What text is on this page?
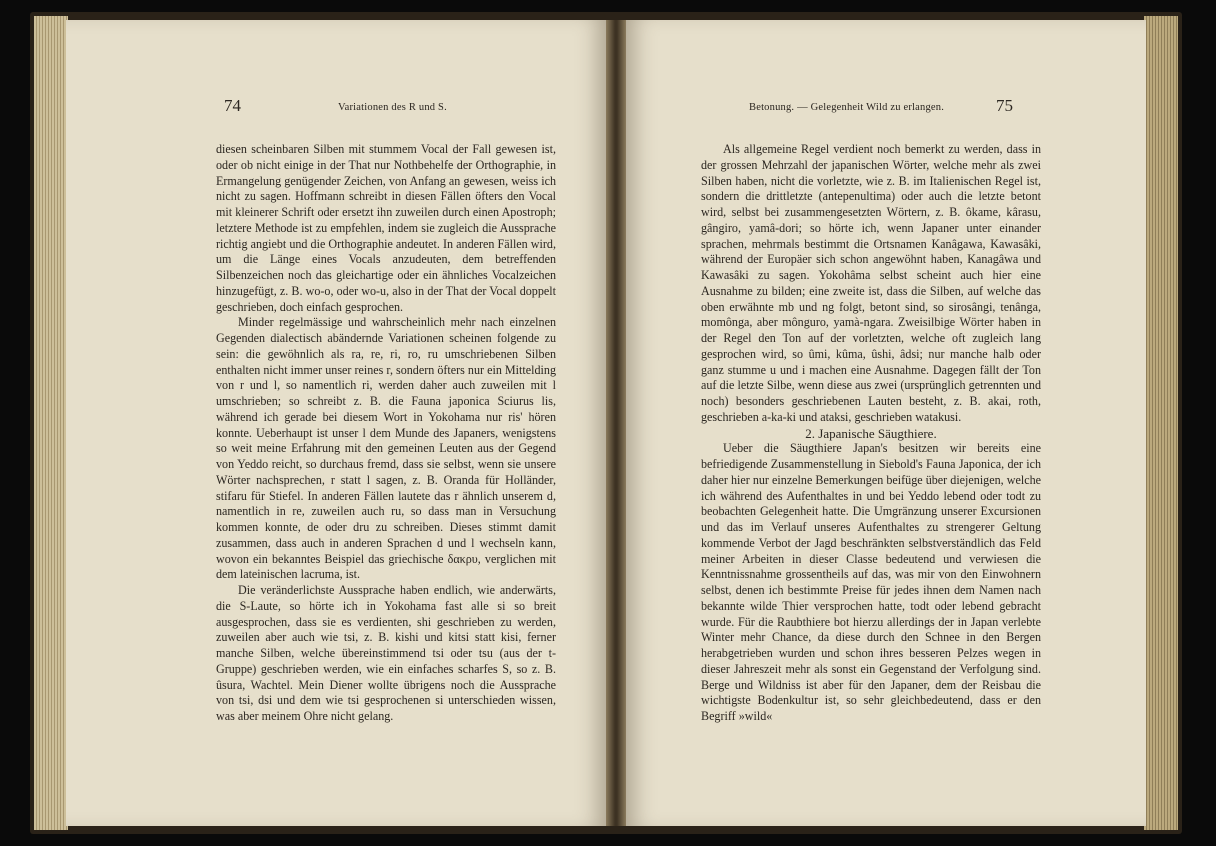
74	Variationen des R und S.

diesen scheinbaren Silben mit stummem Vocal der Fall gewesen ist, oder ob nicht einige in der That nur Nothbehelfe der Orthographie, in Ermangelung genügender Zeichen, von Anfang an gewesen, weiss ich nicht zu sagen. Hoffmann schreibt in diesen Fällen öfters den Vocal mit kleinerer Schrift oder ersetzt ihn zuweilen durch einen Apostroph; letztere Methode ist zu empfehlen, indem sie zugleich die Aussprache richtig angiebt und die Orthographie andeutet. In anderen Fällen wird, um die Länge eines Vocals anzudeuten, dem betreffenden Silbenzeichen noch das gleichartige oder ein ähnliches Vocalzeichen hinzugefügt, z. B. wo-o, oder wo-u, also in der That der Vocal doppelt geschrieben, doch einfach gesprochen.

Minder regelmässige und wahrscheinlich mehr nach einzelnen Gegenden dialectisch abändernde Variationen scheinen folgende zu sein: die gewöhnlich als ra, re, ri, ro, ru umschriebenen Silben enthalten nicht immer unser reines r, sondern öfters nur ein Mittelding von r und l, so namentlich ri, werden daher auch zuweilen mit l umschrieben; so schreibt z. B. die Fauna japonica Sciurus lis, während ich gerade bei diesem Wort in Yokohama nur ris' hören konnte. Ueberhaupt ist unser l dem Munde des Japaners, wenigstens so weit meine Erfahrung mit den gemeinen Leuten aus der Gegend von Yeddo reicht, so durchaus fremd, dass sie selbst, wenn sie unsere Wörter nachsprechen, r statt l sagen, z. B. Oranda für Holländer, stifaru für Stiefel. In anderen Fällen lautete das r ähnlich unserem d, namentlich in re, zuweilen auch ru, so dass man in Versuchung kommen konnte, de oder dru zu schreiben. Dieses stimmt damit zusammen, dass auch in anderen Sprachen d und l wechseln kann, wovon ein bekanntes Beispiel das griechische δακρυ, verglichen mit dem lateinischen lacruma, ist.

Die veränderlichste Aussprache haben endlich, wie anderwärts, die S-Laute, so hörte ich in Yokohama fast alle si so breit ausgesprochen, dass sie es verdienten, shi geschrieben zu werden, zuweilen aber auch wie tsi, z. B. kishi und kitsi statt kisi, ferner manche Silben, welche übereinstimmend tsi oder tsu (aus der t-Gruppe) geschrieben werden, wie ein einfaches scharfes S, so z. B. ûsura, Wachtel. Mein Diener wollte übrigens noch die Aussprache von tsi, dsi und dem wie tsi gesprochenen si unterschieden wissen, was aber meinem Ohre nicht gelang.

Betonung. — Gelegenheit Wild zu erlangen.	75

Als allgemeine Regel verdient noch bemerkt zu werden, dass in der grossen Mehrzahl der japanischen Wörter, welche mehr als zwei Silben haben, nicht die vorletzte, wie z. B. im Italienischen Regel ist, sondern die drittletzte (antepenultima) oder auch die letzte betont wird, selbst bei zusammengesetzten Wörtern, z. B. ôkame, kârasu, gângiro, yamâ-dori; so hörte ich, wenn Japaner unter einander sprachen, mehrmals bestimmt die Ortsnamen Kanâgawa, Kawasâki, während der Europäer sich schon angewöhnt haben, Kanagâwa und Kawasâki zu sagen. Yokohâma selbst scheint auch hier eine Ausnahme zu bilden; eine zweite ist, dass die Silben, auf welche das oben erwähnte mb und ng folgt, betont sind, so sirosângi, tenânga, momônga, aber mônguro, yamà-ngara. Zweisilbige Wörter haben in der Regel den Ton auf der vorletzten, welche oft zugleich lang gesprochen wird, so ûmi, kûma, ûshi, âdsi; nur manche halb oder ganz stumme u und i machen eine Ausnahme. Dagegen fällt der Ton auf die letzte Silbe, wenn diese aus zwei (ursprünglich getrennten und noch) besonders geschriebenen Lauten besteht, z. B. akai, roth, geschrieben a-ka-ki und ataksi, geschrieben watakusi.

2. Japanische Säugthiere.

Ueber die Säugthiere Japan's besitzen wir bereits eine befriedigende Zusammenstellung in Siebold's Fauna Japonica, der ich daher hier nur einzelne Bemerkungen beifüge über diejenigen, welche ich während des Aufenthaltes in und bei Yeddo lebend oder todt zu beobachten Gelegenheit hatte. Die Umgränzung unserer Excursionen und das im Verlauf unseres Aufenthaltes zu strengerer Geltung kommende Verbot der Jagd beschränkten selbstverständlich das Feld meiner Arbeiten in dieser Classe bedeutend und verwiesen die Kenntnissnahme grossentheils auf das, was mir von den Einwohnern selbst, denen ich bestimmte Preise für jedes ihnen dem Namen nach bekannte wilde Thier versprochen hatte, todt oder lebend gebracht wurde. Für die Raubthiere bot hierzu allerdings der in Japan verlebte Winter mehr Chance, da diese durch den Schnee in den Bergen herabgetrieben wurden und schon ihres besseren Pelzes wegen in dieser Jahreszeit mehr als sonst ein Gegenstand der Verfolgung sind. Berge und Wildniss ist aber für den Japaner, dem der Reisbau die wichtigste Bodenkultur ist, so sehr gleichbedeutend, dass er den Begriff »wild«
